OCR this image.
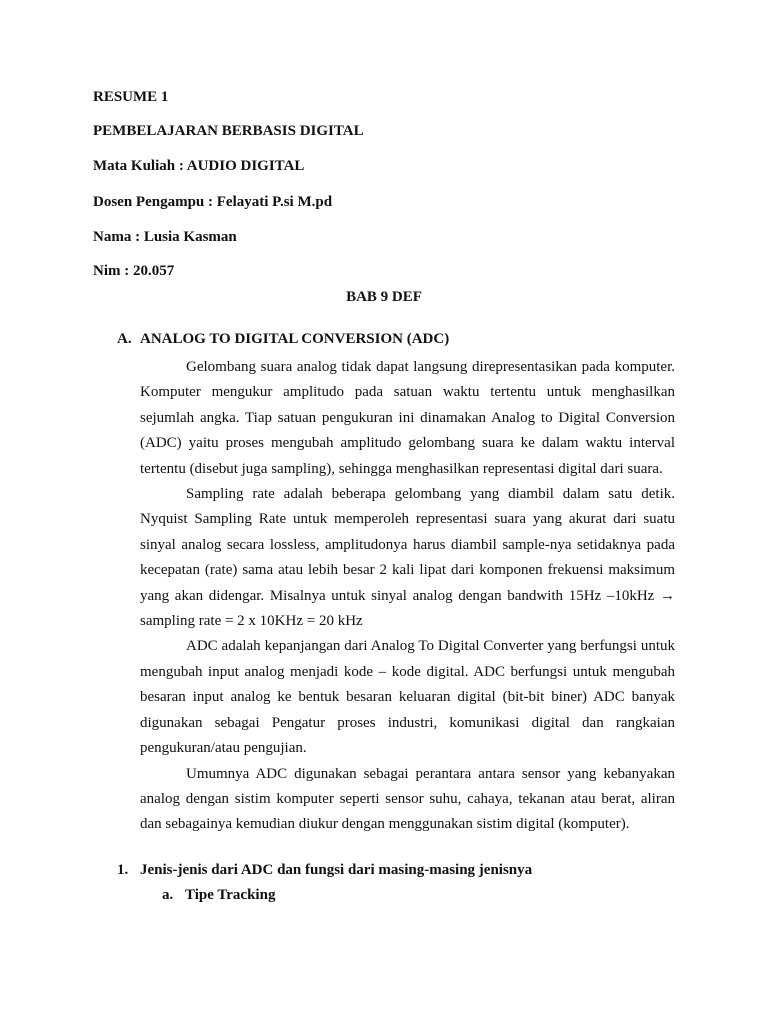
RESUME 1
PEMBELAJARAN BERBASIS DIGITAL
Mata Kuliah : AUDIO DIGITAL
Dosen Pengampu : Felayati P.si M.pd
Nama : Lusia Kasman
Nim : 20.057
BAB 9 DEF
A. ANALOG TO DIGITAL CONVERSION (ADC)

Gelombang suara analog tidak dapat langsung direpresentasikan pada komputer. Komputer mengukur amplitudo pada satuan waktu tertentu untuk menghasilkan sejumlah angka. Tiap satuan pengukuran ini dinamakan Analog to Digital Conversion (ADC) yaitu proses mengubah amplitudo gelombang suara ke dalam waktu interval tertentu (disebut juga sampling), sehingga menghasilkan representasi digital dari suara.

Sampling rate adalah beberapa gelombang yang diambil dalam satu detik. Nyquist Sampling Rate untuk memperoleh representasi suara yang akurat dari suatu sinyal analog secara lossless, amplitudonya harus diambil sample-nya setidaknya pada kecepatan (rate) sama atau lebih besar 2 kali lipat dari komponen frekuensi maksimum yang akan didengar. Misalnya untuk sinyal analog dengan bandwith 15Hz –10kHz → sampling rate = 2 x 10KHz = 20 kHz

ADC adalah kepanjangan dari Analog To Digital Converter yang berfungsi untuk mengubah input analog menjadi kode – kode digital. ADC berfungsi untuk mengubah besaran input analog ke bentuk besaran keluaran digital (bit-bit biner) ADC banyak digunakan sebagai Pengatur proses industri, komunikasi digital dan rangkaian pengukuran/atau pengujian.

Umumnya ADC digunakan sebagai perantara antara sensor yang kebanyakan analog dengan sistim komputer seperti sensor suhu, cahaya, tekanan atau berat, aliran dan sebagainya kemudian diukur dengan menggunakan sistim digital (komputer).

1. Jenis-jenis dari ADC dan fungsi dari masing-masing jenisnya
a. Tipe Tracking
